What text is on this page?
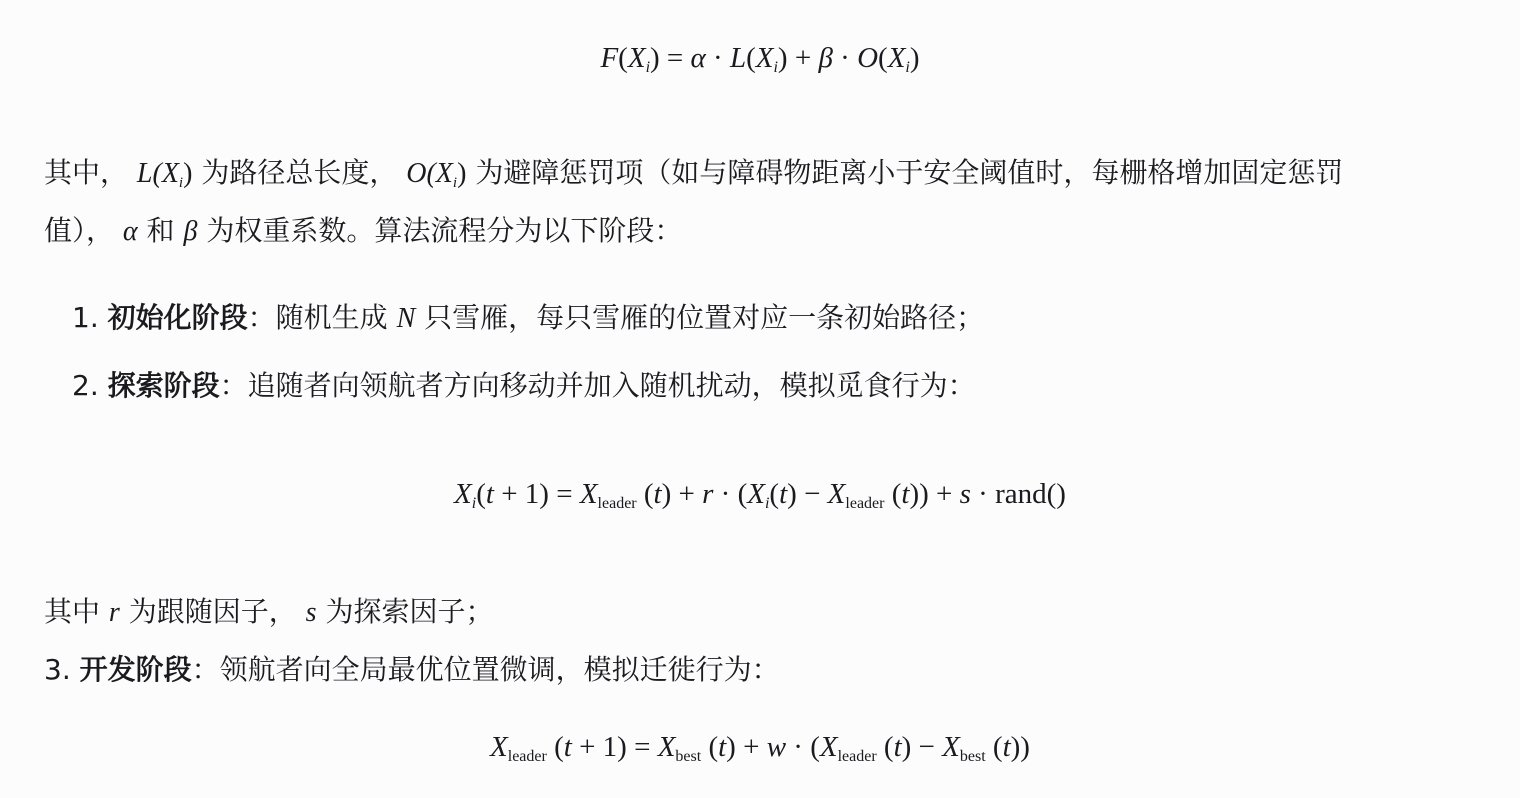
$F(X_i) = \alpha \cdot L(X_i) + \beta \cdot O(X_i)$
其中， $L(X_i)$ 为路径总长度， $O(X_i)$ 为避障惩罚项（如与障碍物距离小于安全阈值时，每栅格增加固定惩罚
值）， α 和 β 为权重系数。算法流程分为以下阶段：
1. 初始化阶段：随机生成 N 只雪雁，每只雪雁的位置对应一条初始路径；
2. 探索阶段：追随者向领航者方向移动并加入随机扰动，模拟觅食行为：
$X_i(t + 1) = X_{leader}$ $(t) + r \cdot (X_i(t) - X_{leader}$ (t)) + s · rand()
其中 r 为跟随因子， s 为探索因子；
3. 开发阶段：领航者向全局最优位置微调，模拟迁徙行为：
$X_{leader}$ $(t + 1) = X_{best}$ $(t) + w \cdot (X_{leader}$ $(t) - X_{best}$ (t))
